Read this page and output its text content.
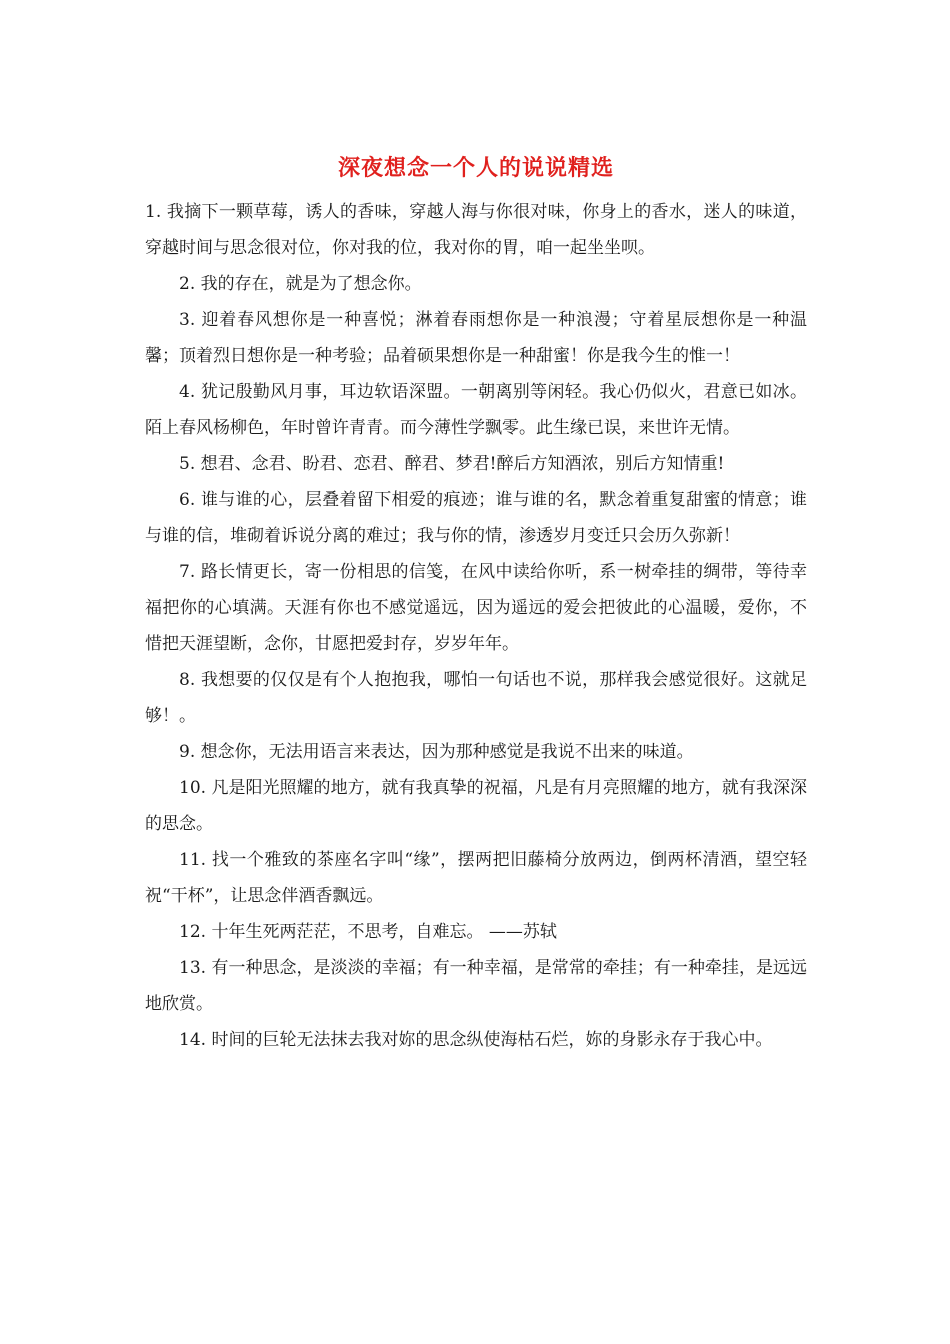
深夜想念一个人的说说精选

1. 我摘下一颗草莓，诱人的香味，穿越人海与你很对味，你身上的香水，迷人的味道，穿越时间与思念很对位，你对我的位，我对你的胃，咱一起坐坐呗。

2. 我的存在，就是为了想念你。

3. 迎着春风想你是一种喜悦；淋着春雨想你是一种浪漫；守着星辰想你是一种温馨；顶着烈日想你是一种考验；品着硕果想你是一种甜蜜！你是我今生的惟一！

4. 犹记殷勤风月事，耳边软语深盟。一朝离别等闲轻。我心仍似火，君意已如冰。陌上春风杨柳色，年时曾许青青。而今薄性学飘零。此生缘已误，来世许无情。

5. 想君、念君、盼君、恋君、醉君、梦君!醉后方知酒浓，别后方知情重!

6. 谁与谁的心，层叠着留下相爱的痕迹；谁与谁的名，默念着重复甜蜜的情意；谁与谁的信，堆砌着诉说分离的难过；我与你的情，渗透岁月变迁只会历久弥新！

7. 路长情更长，寄一份相思的信笺，在风中读给你听，系一树牵挂的绸带，等待幸福把你的心填满。天涯有你也不感觉遥远，因为遥远的爱会把彼此的心温暖，爱你，不惜把天涯望断，念你，甘愿把爱封存，岁岁年年。

8. 我想要的仅仅是有个人抱抱我，哪怕一句话也不说，那样我会感觉很好。这就足够！。

9. 想念你，无法用语言来表达，因为那种感觉是我说不出来的味道。

10. 凡是阳光照耀的地方，就有我真挚的祝福，凡是有月亮照耀的地方，就有我深深的思念。

11. 找一个雅致的茶座名字叫“缘”，摆两把旧藤椅分放两边，倒两杯清酒，望空轻祝“干杯”，让思念伴酒香飘远。

12. 十年生死两茫茫，不思考，自难忘。 ——苏轼

13. 有一种思念，是淡淡的幸福；有一种幸福，是常常的牵挂；有一种牵挂，是远远地欣赏。

14. 时间的巨轮无法抹去我对妳的思念纵使海枯石烂，妳的身影永存于我心中。
